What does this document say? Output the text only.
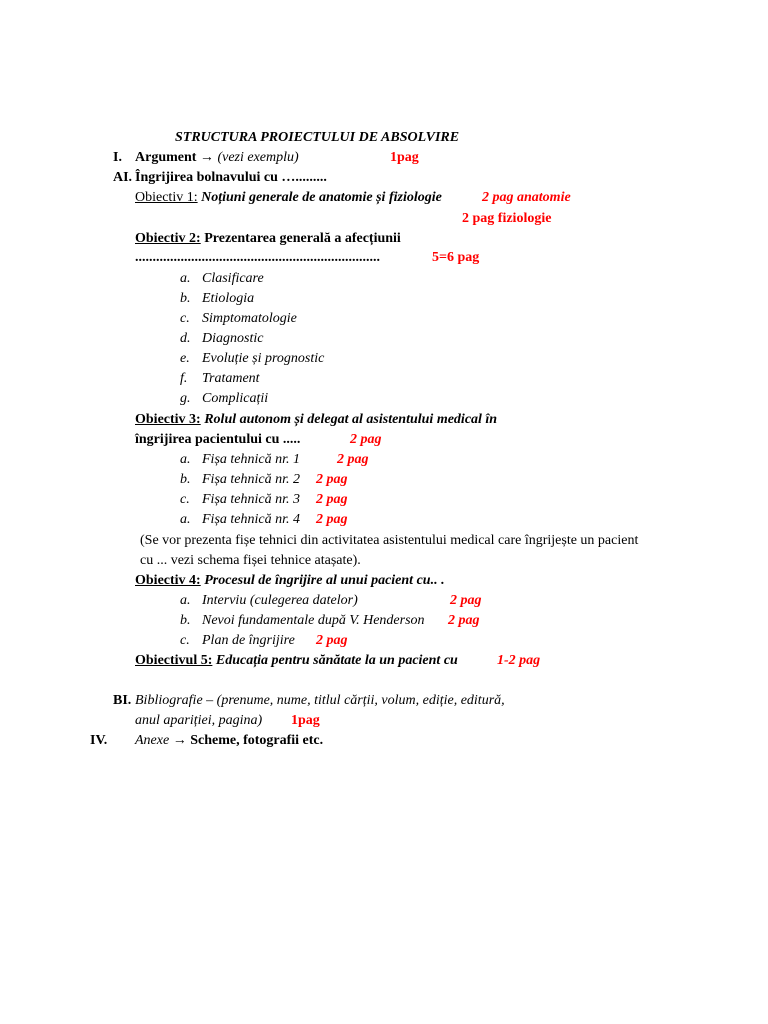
STRUCTURA PROIECTULUI DE ABSOLVIRE
I. Argument → (vezi exemplu)	1pag
AI. Îngrijirea bolnavului cu ….........
Obiectiv 1: Noțiuni generale de anatomie și fiziologie	2 pag anatomie
2 pag fiziologie
Obiectiv 2: Prezentarea generală a afecțiunii
......................................................................	5=6 pag
a. Clasificare
b. Etiologia
c. Simptomatologie
d. Diagnostic
e. Evoluție și prognostic
f. Tratament
g. Complicații
Obiectiv 3: Rolul autonom și delegat al asistentului medical în
îngrijirea pacientului cu .....	2 pag
a. Fișa tehnică nr. 1	2 pag
b. Fișa tehnică nr. 2 2 pag
c. Fișa tehnică nr. 3 2 pag
a. Fișa tehnică nr. 4 2 pag
(Se vor prezenta fișe tehnici din activitatea asistentului medical care îngrijește un pacient
cu ... vezi schema fișei tehnice atașate).
Obiectiv 4: Procesul de îngrijire al unui pacient cu.. .
a. Interviu (culegerea datelor)	2 pag
b. Nevoi fundamentale după V. Henderson 2 pag
c. Plan de îngrijire 2 pag
Obiectivul 5: Educația pentru sănătate la un pacient cu	1-2 pag
BI. Bibliografie – (prenume, nume, titlul cărții, volum, ediție, editură,
anul apariției, pagina) 1pag
IV. Anexe → Scheme, fotografii etc.
